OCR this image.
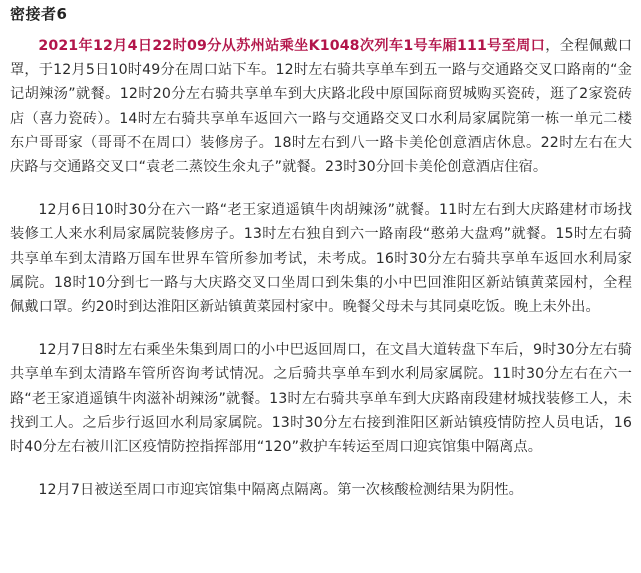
密接者6

2021年12月4日22时09分从苏州站乘坐K1048次列车1号车厢111号至周口，全程佩戴口罩，于12月5日10时49分在周口站下车。12时左右骑共享单车到五一路与交通路交叉口路南的“金记胡辣汤”就餐。12时20分左右骑共享单车到大庆路北段中原国际商贸城购买瓷砖，逛了2家瓷砖店（喜力瓷砖）。14时左右骑共享单车返回六一路与交通路交叉口水利局家属院第一栋一单元二楼东户哥哥家（哥哥不在周口）装修房子。18时左右到八一路卡美伦创意酒店休息。22时左右在大庆路与交通路交叉口“袁老二蒸饺生氽丸子”就餐。23时30分回卡美伦创意酒店住宿。

12月6日10时30分在六一路“老王家逍遥镇牛肉胡辣汤”就餐。11时左右到大庆路建材市场找装修工人来水利局家属院装修房子。13时左右独自到六一路南段“憨弟大盘鸡”就餐。15时左右骑共享单车到太清路万国车世界车管所参加考试，未考成。16时30分左右骑共享单车返回水利局家属院。18时10分到七一路与大庆路交叉口坐周口到朱集的小中巴回淮阳区新站镇黄菜园村，全程佩戴口罩。约20时到达淮阳区新站镇黄菜园村家中。晚餐父母未与其同桌吃饭。晚上未外出。

12月7日8时左右乘坐朱集到周口的小中巴返回周口，在文昌大道转盘下车后，9时30分左右骑共享单车到太清路车管所咨询考试情况。之后骑共享单车到水利局家属院。11时30分左右在六一路“老王家逍遥镇牛肉滋补胡辣汤”就餐。13时左右骑共享单车到大庆路南段建材城找装修工人，未找到工人。之后步行返回水利局家属院。13时30分左右接到淮阳区新站镇疫情防控人员电话，16时40分左右被川汇区疫情防控指挥部用“120”救护车转运至周口迎宾馆集中隔离点。

12月7日被送至周口市迎宾馆集中隔离点隔离。第一次核酸检测结果为阴性。
